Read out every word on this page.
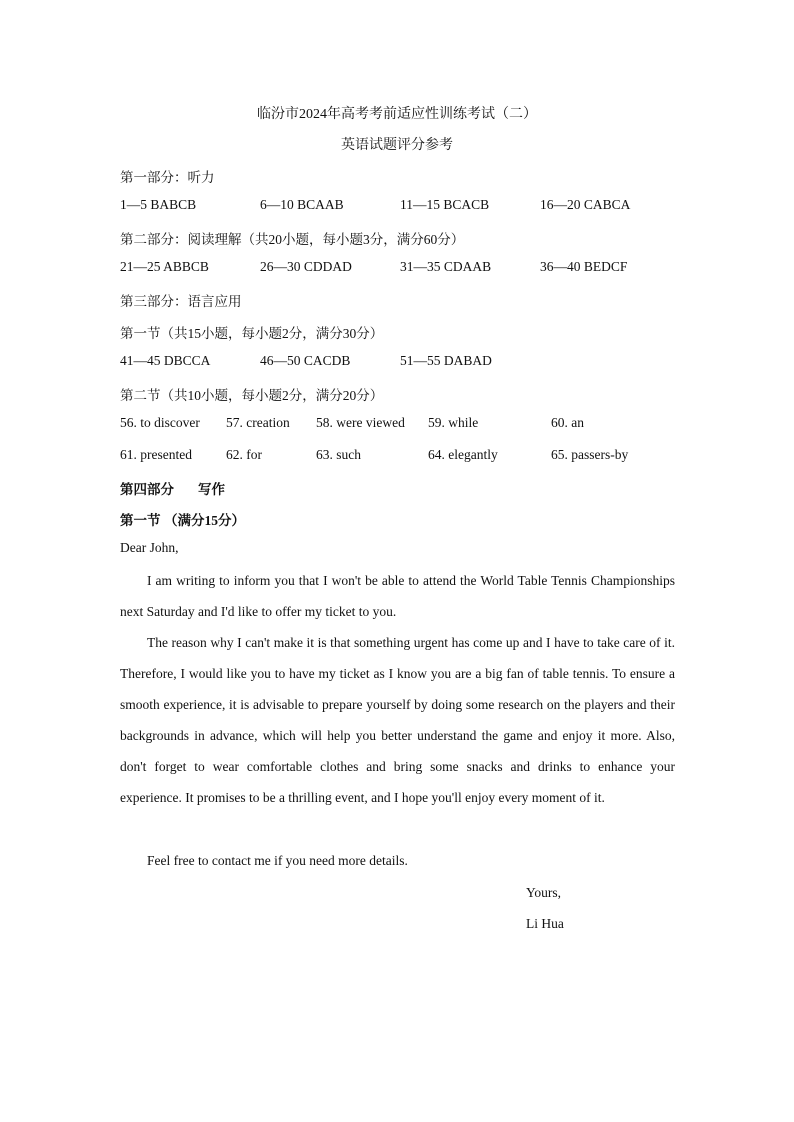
临汾市2024年高考考前适应性训练考试（二）
英语试题评分参考
第一部分：听力
1—5 BABCB	6—10 BCAAB	11—15 BCACB	16—20 CABCA
第二部分：阅读理解（共20小题，每小题3分，满分60分）
21—25 ABBCB	26—30 CDDAD	31—35 CDAAB	36—40 BEDCF
第三部分：语言应用
第一节（共15小题，每小题2分，满分30分）
41—45 DBCCA	46—50 CACDB	51—55 DABAD
第二节（共10小题，每小题2分，满分20分）
56. to discover 57. creation 58. were viewed 59. while	60. an
61. presented	62. for	63. such	64. elegantly	65. passers-by
第四部分 写作
第一节 （满分15分）
Dear John,
I am writing to inform you that I won't be able to attend the World Table Tennis Championships next Saturday and I'd like to offer my ticket to you.
The reason why I can't make it is that something urgent has come up and I have to take care of it. Therefore, I would like you to have my ticket as I know you are a big fan of table tennis. To ensure a smooth experience, it is advisable to prepare yourself by doing some research on the players and their backgrounds in advance, which will help you better understand the game and enjoy it more. Also, don't forget to wear comfortable clothes and bring some snacks and drinks to enhance your experience. It promises to be a thrilling event, and I hope you'll enjoy every moment of it.
Feel free to contact me if you need more details.
Yours,
Li Hua
